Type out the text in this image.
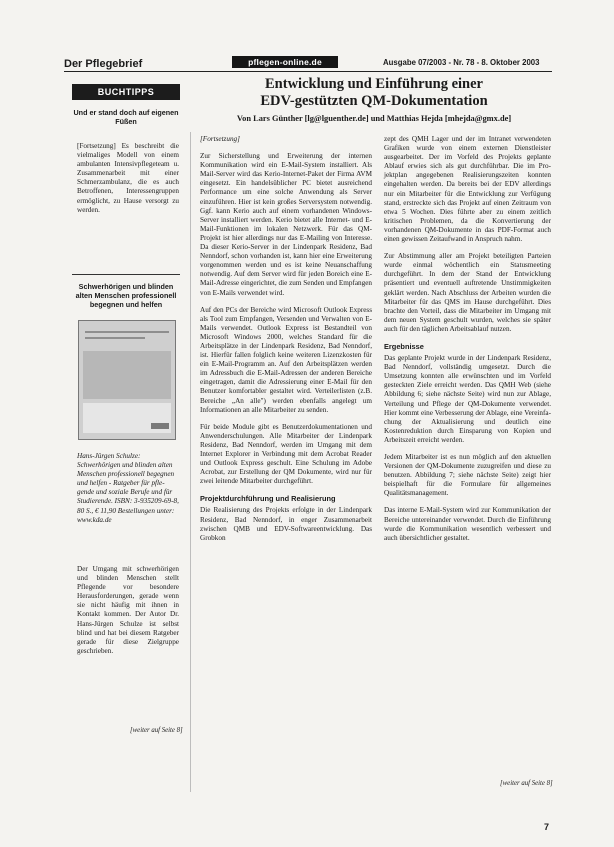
Der Pflegebrief	pflegen-online.de	Ausgabe 07/2003 - Nr. 78 - 8. Oktober 2003
BUCHTIPPS
Und er stand doch auf eigenen Füßen
[Fortsetzung] Es beschreibt die vielmaliges Modell von einem ambulanten Intensivpflegeteam u. Zusammenarbeit mit einer Schmerzambulanz, die es auch Betroffenen, Interessengruppen ermöglicht, zu Hause versorgt zu werden.
Schwerhörigen und blinden alten Menschen professionell begegnen und helfen
Hans-Jürgen Schulze: Schwerhörigen und blinden alten Menschen professionell begegnen und helfen - Ratgeber für pflegende und soziale Berufe und für Studierende. ISBN: 3-935209-69-8, 80 S., € 11,90 Bestellungen unter: www.kda.de
Der Umgang mit schwerhörigen und blinden Menschen stellt Pflegende vor besondere Herausforderungen, gerade wenn sie nicht häufig mit ihnen in Kontakt kommen. Der Autor Dr. Hans-Jürgen Schulze ist selbst blind und hat bei diesem Ratgeber gerade für diese Zielgruppe geschrieben.
[weiter auf Seite 8]
Entwicklung und Einführung einer
EDV-gestützten QM-Dokumentation
Von Lars Günther [lg@lguenther.de] und Matthias Hejda [mhejda@gmx.de]

[Fortsetzung]

Zur Sicherstellung und Erweiterung der internen Kommunikation wird ein E-Mail-System installiert. Als Mail-Server wird das Kerio-Internet-Paket der Firma AVM eingesetzt. Ein handelsüblicher PC bietet ausreichend Performance um eine solche Anwendung als Server einzuführen. Hier ist kein großes Serversystem notwendig. Ggf. kann Kerio auch auf einem vorhandenen Windows-Server installiert werden. Kerio bietet alle Internet- und E-Mail-Funktionen im lokalen Netzwerk. Für das QM-Projekt ist hier allerdings nur das E-Mailing von Interesse. Da dieser Kerio-Server in der Lindenpark Residenz, Bad Nenndorf, schon vorhanden ist, kann hier eine Erweiterung vorgenommen werden und es ist keine Neuanschaffung notwendig. Auf dem Server wird für jeden Boreich eine E-Mail-Adresse eingerichtet, die zum Senden und Empfangen von E-Mails verwendet wird.

Auf den PCs der Bereiche wird Microsoft Outlook Express als Tool zum Empfangen, Versenden und Verwalten von E-Mails verwendet. Outlook Express ist Bestandteil von Microsoft Windows 2000, welches Standard für die Arbeitsplätze in der Lindenpark Residenz, Bad Nenndorf, ist. Hierfür fallen folglich keine weiteren Lizenzkosten für ein E-Mail-Programm an. Auf den Arbeitsplätzen werden im Adressbuch die E-Mail-Adressen der anderen Bereiche eingetragen, damit die Adressierung einer E-Mail für den Benutzer komfortabler gestaltet wird. Verteilerlisten (z.B. Bereiche „An alle") werden ebenfalls angelegt um Informationen an alle Mitarbeiter zu senden.

Für beide Module gibt es Benutzerdokumentationen und Anwenderschulungen. Alle Mitarbeiter der Lindenpark Residenz, Bad Nenndorf, werden im Umgang mit dem Internet Explorer in Verbindung mit dem Acrobat Reader und Outlook Express geschult. Eine Schulung im Adobe Acrobat, zur Erstellung der QM Dokumente, wird nur für zwei leitende Mitarbeiter durchgeführt.

Projektdurchführung und Realisierung

Die Realisierung des Projekts erfolgte in der Lindenpark Residenz, Bad Nenndorf, in enger Zusammenarbeit zwischen QMB und EDV-Softwareentwicklung. Das Grobkon

zept des QMH Lager und der im Intranet verwendeten Grafiken wurde von einem externen Dienstleister ausgearbeitet. Der im Vorfeld des Projekts geplante Ablauf erwies sich als gut durchführbar. Die im Projektplan angegebenen Realisierungszeiten konnten eingehalten werden. Da bereits bei der EDV allerdings nur ein Mitarbeiter für die Entwicklung zur Verfügung stand, erstreckte sich das Projekt auf einen Zeitraum von etwa 5 Wochen. Dies führte aber zu einem zeitlich kritischen Problemen, da die Konvertierung der vorhandenen QM-Dokumente in das PDF-Format auch einen gewissen Zeitaufwand in Anspruch nahm.

Zur Abstimmung aller am Projekt beteiligten Parteien wurde einmal wöchentlich ein Statusmeeting durchgeführt. In dem der Stand der Entwicklung präsentiert und eventuell auftretende Unstimmigkeiten geklärt werden. Nach Abschluss der Arbeiten wurden die Mitarbeiter für das QMS im Hause durchgeführt. Dies brachte den Vorteil, dass die Mitarbeiter im Umgang mit dem neuen System geschult wurden, welches sie später auch für den täglichen Arbeitsablauf nutzen.

Ergebnisse

Das geplante Projekt wurde in der Lindenpark Residenz, Bad Nenndorf, vollständig umgesetzt. Durch die Umsetzung konnten alle erwünschten und im Vorfeld gesteckten Ziele erreicht werden. Das QMH Web (siehe Abbildung 6; siehe nächste Seite) wird nun zur Ablage, Verteilung und Pflege der QM-Dokumente verwendet. Hier kommt eine Verbesserung der Ablage, eine Vereinfachung der Aktualisierung und deutlich eine Kostenreduktion durch Einsparung von Kopien und Arbeitszeit erreicht werden.

Jedem Mitarbeiter ist es nun möglich auf den aktuellen Versionen der QM-Dokumente zuzugreifen und diese zu benutzen. Abbildung 7; siehe nächste Seite) zeigt hier beispielhaft für die Formulare für allgemeines Qualitätsmanagement.

Das interne E-Mail-System wird zur Kommunikation der Bereiche untereinander verwendet. Durch die Einführung wurde die Kommunikation wesentlich verbessert und auch übersichtlicher gestaltet.

[weiter auf Seite 8]
7
